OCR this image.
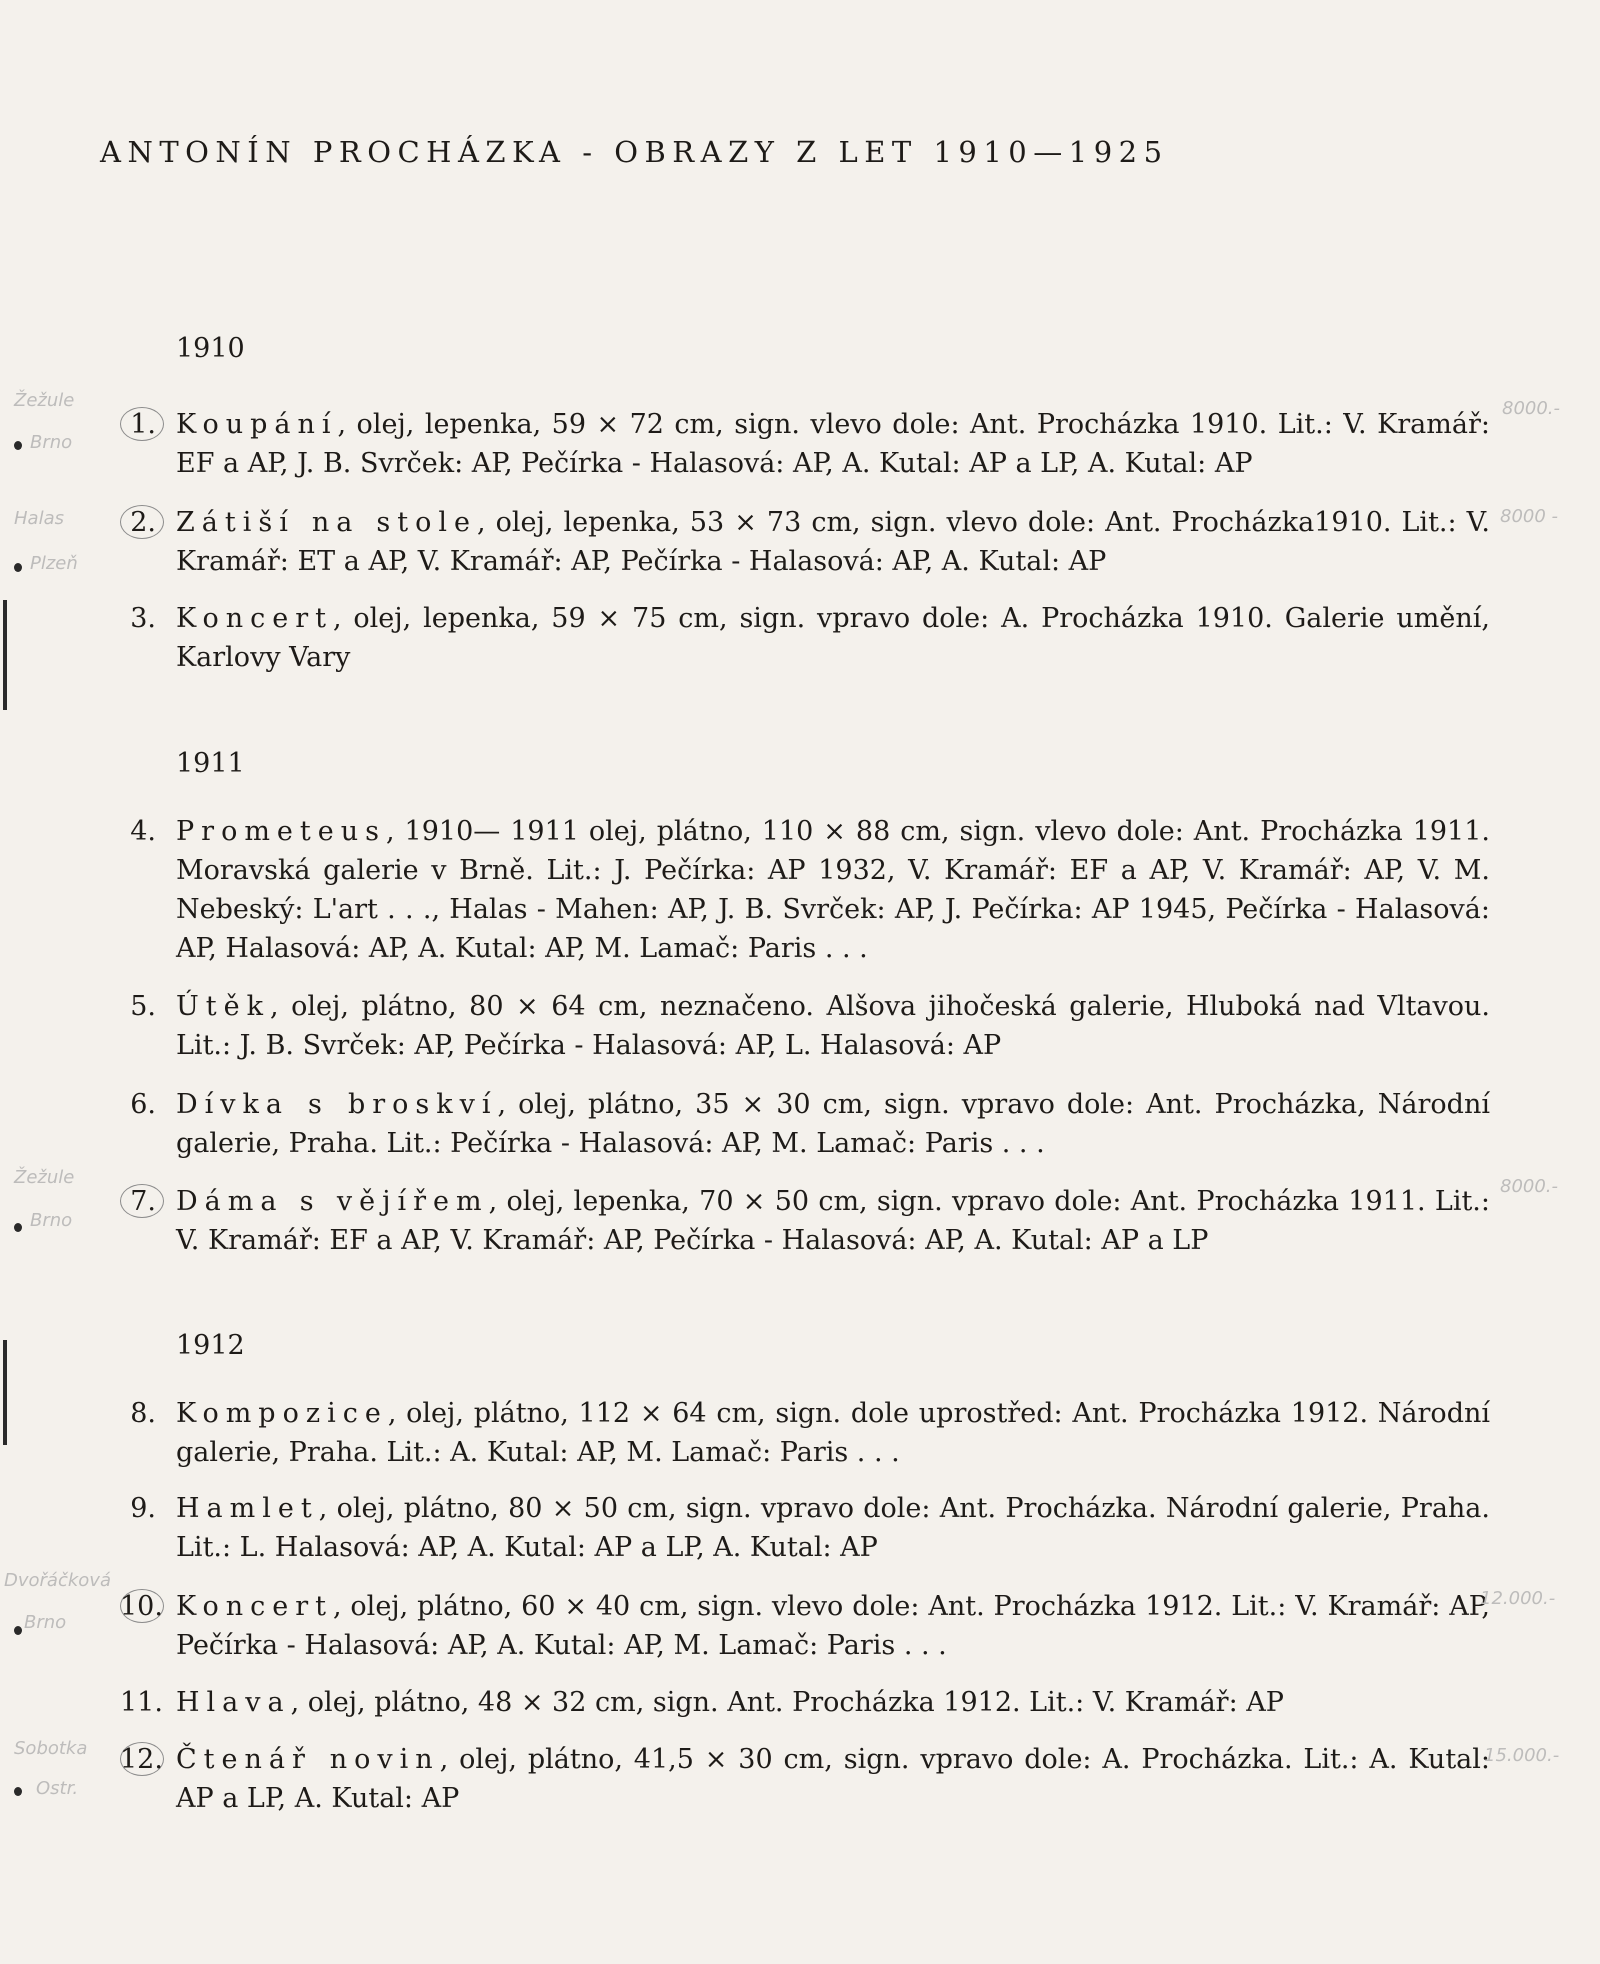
ANTONÍN PROCHÁZKA - OBRAZY Z LET 1910—1925
1910
1911
1912
1. Koupání, olej, lepenka, 59 × 72 cm, sign. vlevo dole: Ant. Procházka 1910. Lit.: V. Kramář: EF a AP, J. B. Svrček: AP, Pečírka - Halasová: AP, A. Kutal: AP a LP, A. Kutal: AP
2. Zátiší na stole, olej, lepenka, 53 × 73 cm, sign. vlevo dole: Ant. Procházka1910. Lit.: V. Kramář: ET a AP, V. Kramář: AP, Pečírka - Halasová: AP, A. Kutal: AP
3. Koncert, olej, lepenka, 59 × 75 cm, sign. vpravo dole: A. Procházka 1910. Galerie umění, Karlovy Vary
4. Prometeus, 1910— 1911 olej, plátno, 110 × 88 cm, sign. vlevo dole: Ant. Procházka 1911. Moravská galerie v Brně. Lit.: J. Pečírka: AP 1932, V. Kramář: EF a AP, V. Kramář: AP, V. M. Nebeský: L'art . . ., Halas - Mahen: AP, J. B. Svrček: AP, J. Pečírka: AP 1945, Pečírka - Halasová: AP, Halasová: AP, A. Kutal: AP, M. Lamač: Paris . . .
5. Útěk, olej, plátno, 80 × 64 cm, neznačeno. Alšova jihočeská galerie, Hluboká nad Vltavou. Lit.: J. B. Svrček: AP, Pečírka - Halasová: AP, L. Halasová: AP
6. Dívka s broskví, olej, plátno, 35 × 30 cm, sign. vpravo dole: Ant. Procházka, Národní galerie, Praha. Lit.: Pečírka - Halasová: AP, M. Lamač: Paris . . .
7. Dáma s vějířem, olej, lepenka, 70 × 50 cm, sign. vpravo dole: Ant. Procházka 1911. Lit.: V. Kramář: EF a AP, V. Kramář: AP, Pečírka - Halasová: AP, A. Kutal: AP a LP
8. Kompozice, olej, plátno, 112 × 64 cm, sign. dole uprostřed: Ant. Procházka 1912. Národní galerie, Praha. Lit.: A. Kutal: AP, M. Lamač: Paris . . .
9. Hamlet, olej, plátno, 80 × 50 cm, sign. vpravo dole: Ant. Procházka. Národní galerie, Praha. Lit.: L. Halasová: AP, A. Kutal: AP a LP, A. Kutal: AP
10. Koncert, olej, plátno, 60 × 40 cm, sign. vlevo dole: Ant. Procházka 1912. Lit.: V. Kramář: AP, Pečírka - Halasová: AP, A. Kutal: AP, M. Lamač: Paris . . .
11. Hlava, olej, plátno, 48 × 32 cm, sign. Ant. Procházka 1912. Lit.: V. Kramář: AP
12. Čtenář novin, olej, plátno, 41,5 × 30 cm, sign. vpravo dole: A. Procházka. Lit.: A. Kutal: AP a LP, A. Kutal: AP
Žežule
Brno
Halas
Plzeň
Žežule
Brno
Dvořáčková
Brno
Sobotka
Ostr.
8000.-
8000 -
8000.-
12.000.-
15.000.-
